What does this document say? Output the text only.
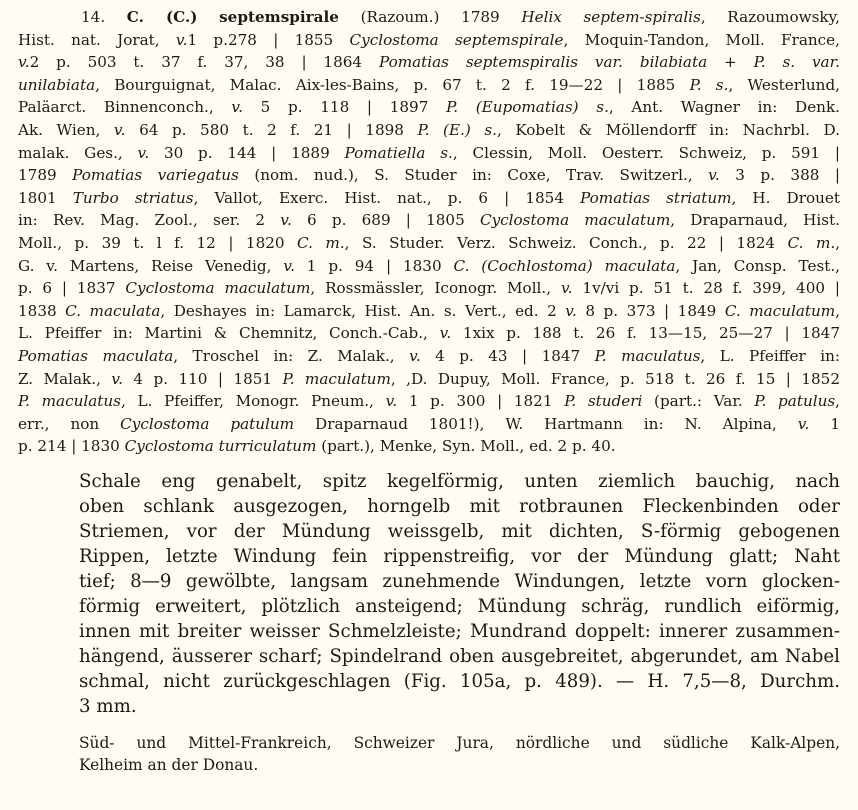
14. C. (C.) septemspirale (Razoum.) 1789 Helix septem-spiralis, Razoumowsky,
Hist. nat. Jorat, v.1 p.278 | 1855 Cyclostoma septemspirale, Moquin-Tandon, Moll. France,
v.2 p. 503 t. 37 f. 37, 38 | 1864 Pomatias septemspiralis var. bilabiata + P. s. var.
unilabiata, Bourguignat, Malac. Aix-les-Bains, p. 67 t. 2 f. 19—22 | 1885 P. s., Westerlund,
Paläarct. Binnenconch., v. 5 p. 118 | 1897 P. (Eupomatias) s., Ant. Wagner in: Denk.
Ak. Wien, v. 64 p. 580 t. 2 f. 21 | 1898 P. (E.) s., Kobelt & Möllendorff in: Nachrbl. D.
malak. Ges., v. 30 p. 144 | 1889 Pomatiella s., Clessin, Moll. Oesterr. Schweiz, p. 591 |
1789 Pomatias variegatus (nom. nud.), S. Studer in: Coxe, Trav. Switzerl., v. 3 p. 388 |
1801 Turbo striatus, Vallot, Exerc. Hist. nat., p. 6 | 1854 Pomatias striatum, H. Drouet
in: Rev. Mag. Zool., ser. 2 v. 6 p. 689 | 1805 Cyclostoma maculatum, Draparnaud, Hist.
Moll., p. 39 t. l f. 12 | 1820 C. m., S. Studer. Verz. Schweiz. Conch., p. 22 | 1824 C. m.,
G. v. Martens, Reise Venedig, v. 1 p. 94 | 1830 C. (Cochlostoma) maculata, Jan, Consp. Test.,
p. 6 | 1837 Cyclostoma maculatum, Rossmässler, Iconogr. Moll., v. 1v/vi p. 51 t. 28 f. 399, 400 |
1838 C. maculata, Deshayes in: Lamarck, Hist. An. s. Vert., ed. 2 v. 8 p. 373 | 1849 C. maculatum,
L. Pfeiffer in: Martini & Chemnitz, Conch.-Cab., v. 1xix p. 188 t. 26 f. 13—15, 25—27 | 1847
Pomatias maculata, Troschel in: Z. Malak., v. 4 p. 43 | 1847 P. maculatus, L. Pfeiffer in:
Z. Malak., v. 4 p. 110 | 1851 P. maculatum, ,D. Dupuy, Moll. France, p. 518 t. 26 f. 15 | 1852
P. maculatus, L. Pfeiffer, Monogr. Pneum., v. 1 p. 300 | 1821 P. studeri (part.: Var. P. patulus,
err., non Cyclostoma patulum Draparnaud 1801!), W. Hartmann in: N. Alpina, v. 1
p. 214 | 1830 Cyclostoma turriculatum (part.), Menke, Syn. Moll., ed. 2 p. 40.
Schale eng genabelt, spitz kegelförmig, unten ziemlich bauchig, nach
oben schlank ausgezogen, horngelb mit rotbraunen Fleckenbinden oder
Striemen, vor der Mündung weissgelb, mit dichten, S-förmig gebogenen
Rippen, letzte Windung fein rippenstreifig, vor der Mündung glatt; Naht
tief; 8—9 gewölbte, langsam zunehmende Windungen, letzte vorn glocken-
förmig erweitert, plötzlich ansteigend; Mündung schräg, rundlich eiförmig,
innen mit breiter weisser Schmelzleiste; Mundrand doppelt: innerer zusammen-
hängend, äusserer scharf; Spindelrand oben ausgebreitet, abgerundet, am Nabel
schmal, nicht zurückgeschlagen (Fig. 105a, p. 489). — H. 7,5—8, Durchm.
3 mm.
Süd- und Mittel-Frankreich, Schweizer Jura, nördliche und südliche Kalk-Alpen,
Kelheim an der Donau.
